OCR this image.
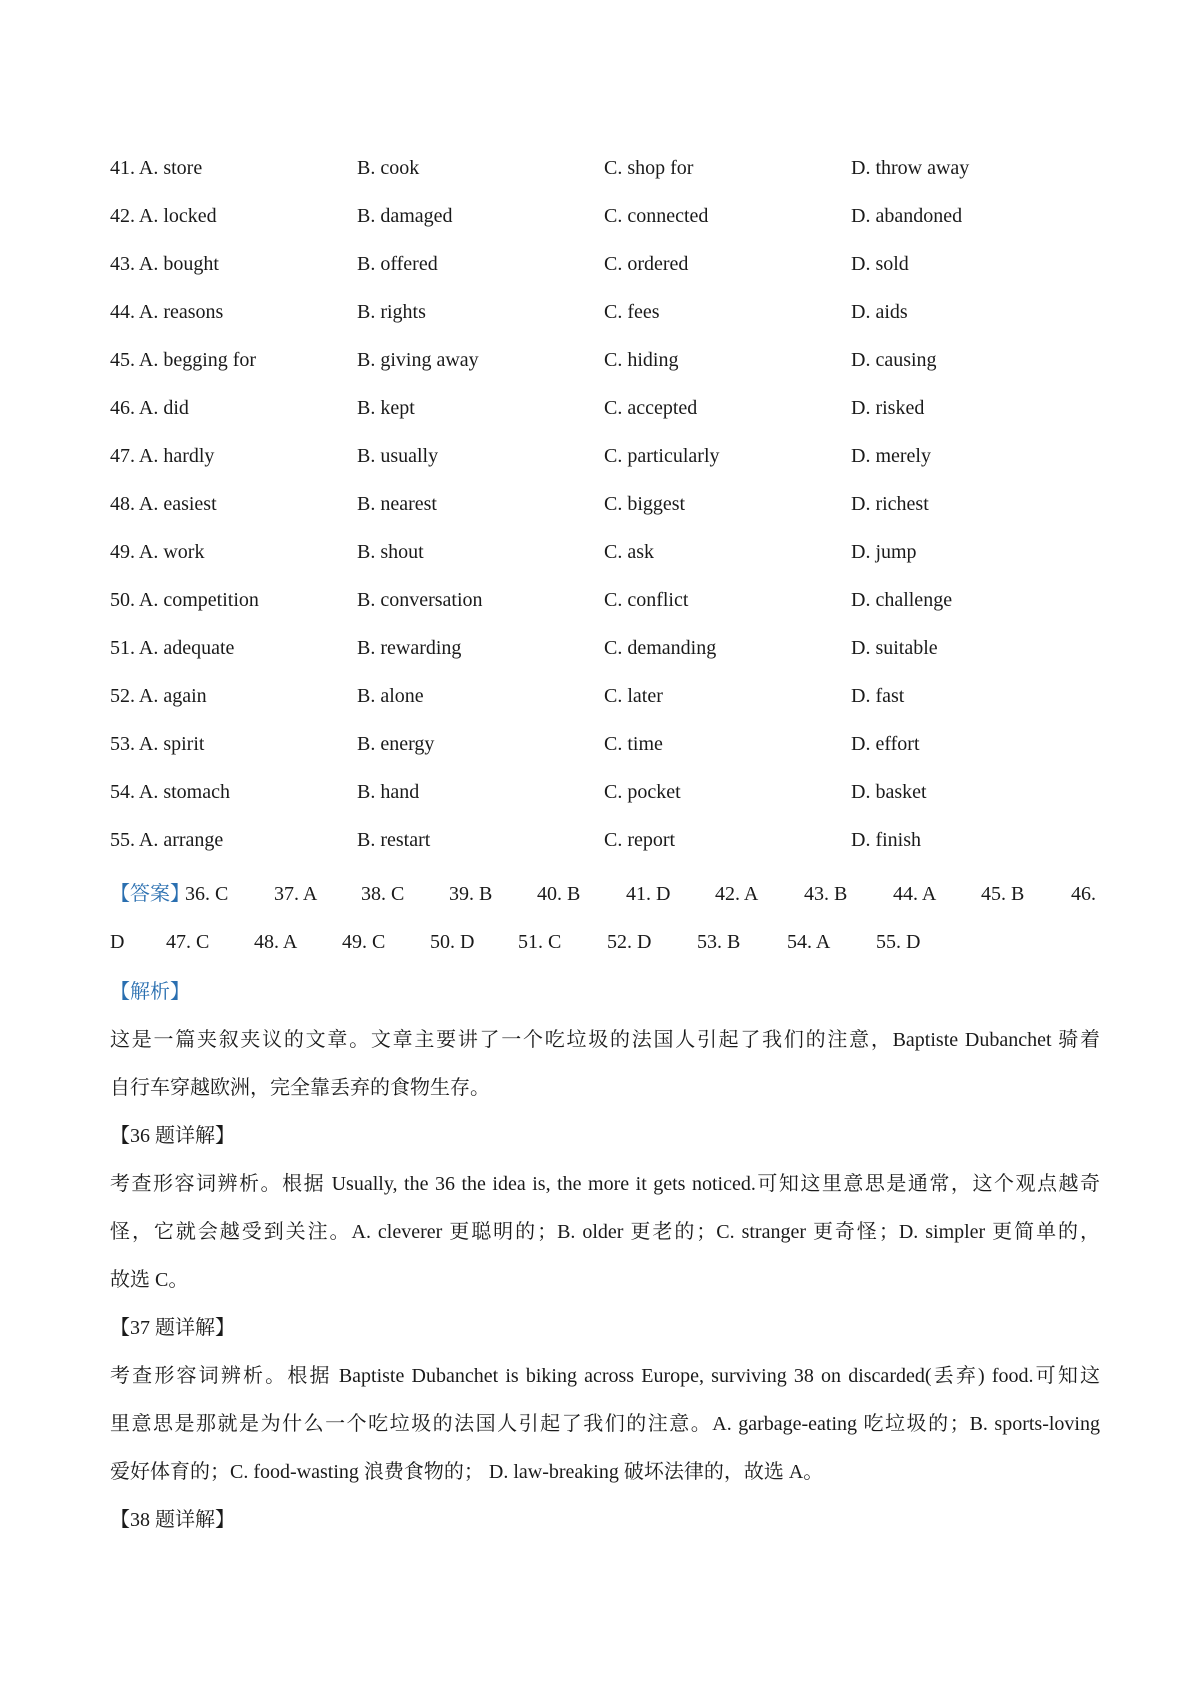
41. A. store	B. cook	C. shop for	D. throw away
42. A. locked	B. damaged	C. connected	D. abandoned
43. A. bought	B. offered	C. ordered	D. sold
44. A. reasons	B. rights	C. fees	D. aids
45. A. begging for	B. giving away	C. hiding	D. causing
46. A. did	B. kept	C. accepted	D. risked
47. A. hardly	B. usually	C. particularly	D. merely
48. A. easiest	B. nearest	C. biggest	D. richest
49. A. work	B. shout	C. ask	D. jump
50. A. competition	B. conversation	C. conflict	D. challenge
51. A. adequate	B. rewarding	C. demanding	D. suitable
52. A. again	B. alone	C. later	D. fast
53. A. spirit	B. energy	C. time	D. effort
54. A. stomach	B. hand	C. pocket	D. basket
55. A. arrange	B. restart	C. report	D. finish
【答案】
36. C 37. A 38. C 39. B 40. B 41. D 42. A 43. B 44. A 45. B 46.
D 47. C 48. A 49. C 50. D 51. C 52. D 53. B 54. A 55. D
【解析】
这是一篇夹叙夹议的文章。文章主要讲了一个吃垃圾的法国人引起了我们的注意，Baptiste Dubanchet 骑着
自行车穿越欧洲，完全靠丢弃的食物生存。
【36 题详解】
考查形容词辨析。根据 Usually, the 36 the idea is, the more it gets noticed.可知这里意思是通常，这个观点越奇
怪，它就会越受到关注。A. cleverer 更聪明的；B. older 更老的；C. stranger 更奇怪；D. simpler 更简单的，
故选 C。
【37 题详解】
考查形容词辨析。根据 Baptiste Dubanchet is biking across Europe, surviving 38 on discarded(丢弃) food.可知这
里意思是那就是为什么一个吃垃圾的法国人引起了我们的注意。A. garbage-eating 吃垃圾的；B. sports-loving
爱好体育的；C. food-wasting 浪费食物的； D. law-breaking 破坏法律的，故选 A。
【38 题详解】
